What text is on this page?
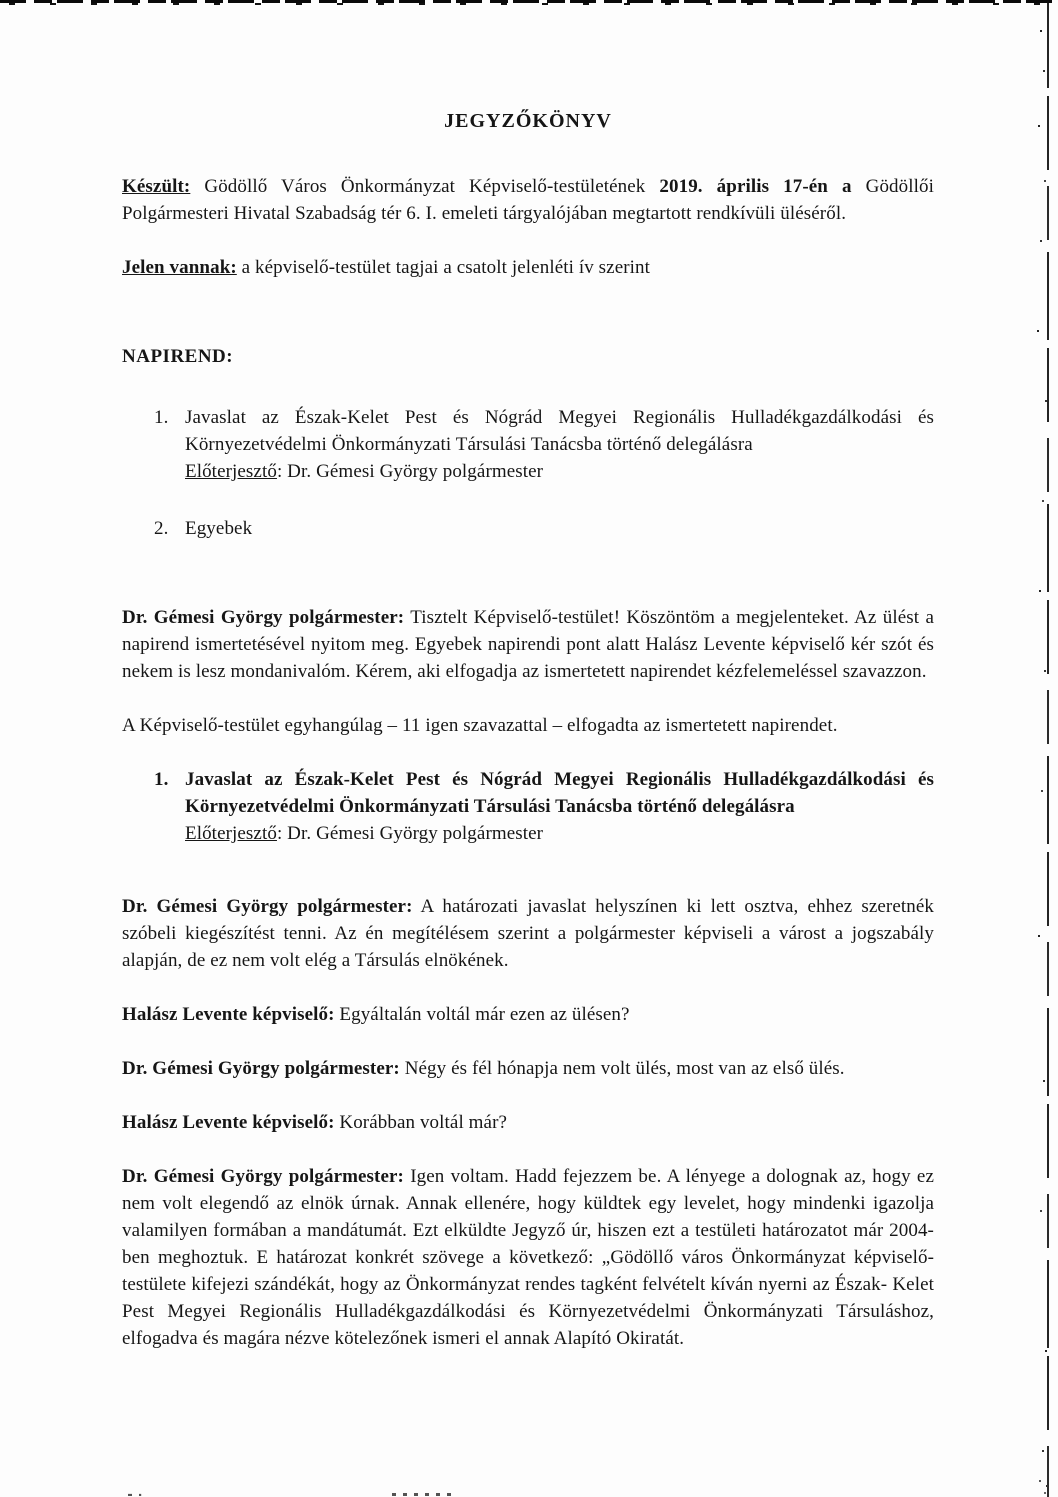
JEGYZŐKÖNYV

Készült: Gödöllő Város Önkormányzat Képviselő-testületének 2019. április 17-én a Gödöllői Polgármesteri Hivatal Szabadság tér 6. I. emeleti tárgyalójában megtartott rendkívüli üléséről.

Jelen vannak: a képviselő-testület tagjai a csatolt jelenléti ív szerint

NAPIREND:
1. Javaslat az Észak-Kelet Pest és Nógrád Megyei Regionális Hulladékgazdálkodási és Környezetvédelmi Önkormányzati Társulási Tanácsba történő delegálásra
Előterjesztő: Dr. Gémesi György polgármester
2. Egyebek

Dr. Gémesi György polgármester: Tisztelt Képviselő-testület! Köszöntöm a megjelenteket. Az ülést a napirend ismertetésével nyitom meg. Egyebek napirendi pont alatt Halász Levente képviselő kér szót és nekem is lesz mondanivalóm. Kérem, aki elfogadja az ismertetett napirendet kézfelemeléssel szavazzon.

A Képviselő-testület egyhangúlag – 11 igen szavazattal – elfogadta az ismertetett napirendet.

1. Javaslat az Észak-Kelet Pest és Nógrád Megyei Regionális Hulladékgazdálkodási és Környezetvédelmi Önkormányzati Társulási Tanácsba történő delegálásra
Előterjesztő: Dr. Gémesi György polgármester

Dr. Gémesi György polgármester: A határozati javaslat helyszínen ki lett osztva, ehhez szeretnék szóbeli kiegészítést tenni. Az én megítélésem szerint a polgármester képviseli a várost a jogszabály alapján, de ez nem volt elég a Társulás elnökének.

Halász Levente képviselő: Egyáltalán voltál már ezen az ülésen?

Dr. Gémesi György polgármester: Négy és fél hónapja nem volt ülés, most van az első ülés.

Halász Levente képviselő: Korábban voltál már?

Dr. Gémesi György polgármester: Igen voltam. Hadd fejezzem be. A lényege a dolognak az, hogy ez nem volt elegendő az elnök úrnak. Annak ellenére, hogy küldtek egy levelet, hogy mindenki igazolja valamilyen formában a mandátumát. Ezt elküldte Jegyző úr, hiszen ezt a testületi határozatot már 2004-ben meghoztuk. E határozat konkrét szövege a következő: „Gödöllő város Önkormányzat képviselő-testülete kifejezi szándékát, hogy az Önkormányzat rendes tagként felvételt kíván nyerni az Észak- Kelet Pest Megyei Regionális Hulladékgazdálkodási és Környezetvédelmi Önkormányzati Társuláshoz, elfogadva és magára nézve kötelezőnek ismeri el annak Alapító Okiratát.
